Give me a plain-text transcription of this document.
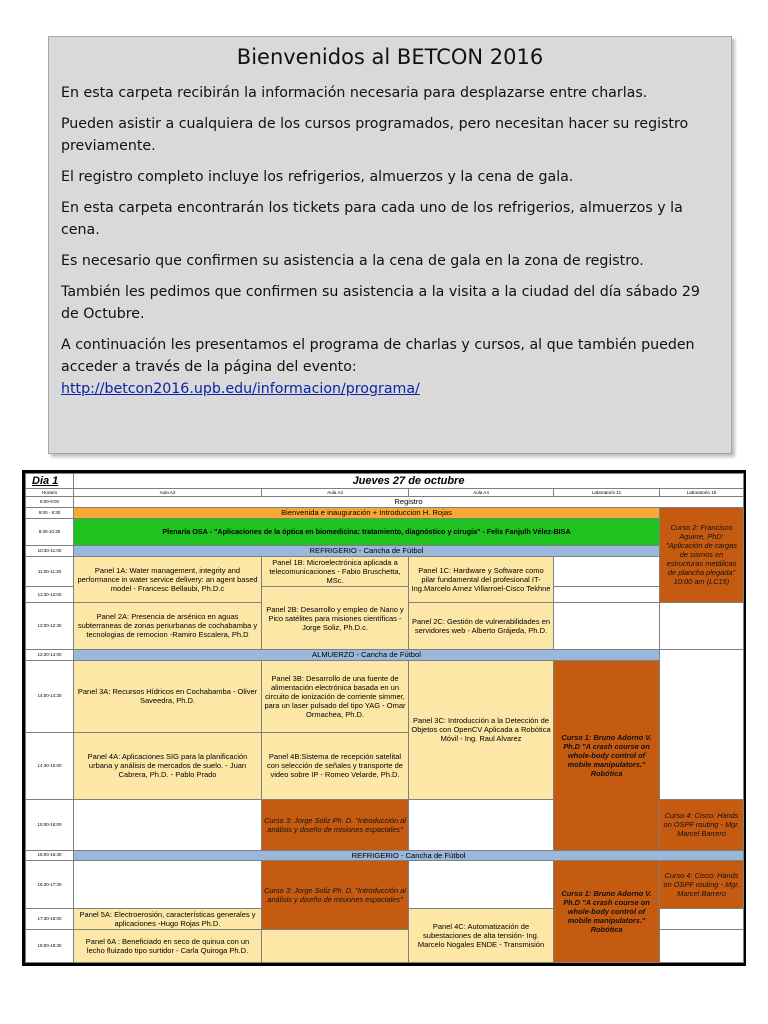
Bienvenidos al BETCON 2016

En esta carpeta recibirán la información necesaria para desplazarse entre charlas.

Pueden asistir a cualquiera de los cursos programados, pero necesitan hacer su registro previamente.

El registro completo incluye los refrigerios, almuerzos y la cena de gala.

En esta carpeta encontrarán los tickets para cada uno de los refrigerios, almuerzos y la cena.

Es necesario que confirmen su asistencia a la cena de gala en la zona de registro.

También les pedimos que confirmen su asistencia a la visita a la ciudad del día sábado 29 de Octubre.

A continuación les presentamos el programa de charlas y cursos, al que también pueden acceder a través de la página del evento:
http://betcon2016.upb.edu/informacion/programa/

Dia 1	Jueves 27 de octubre					
Horario	Aula A2	Aula A3	Aula A4	Laboratorio 11	Laboratorio 15	
8:00-9:00	Registro					
9:00 - 9:30	Bienvenida e inauguración + Introduccion H. Rojas				Curso 2: Francisco Aguirre, PhD: "Aplicación de cargas de sismos en estructuras metálicas de plancha plegada" 10:00 am (LC15)	
9:30-10:30	Plenaria OSA - "Aplicaciones de la óptica en biomedicina: tratamiento, diagnóstico y cirugía" - Felix Fanjulh Vélez-BISA					
10:30-11:00	REFRIGERIO - Cancha de Fútbol					
11:00-11:30	Panel 1A: Water management, integrity and performance in water service delivery: an agent based model - Francesc Bellaubi, Ph.D.c	Panel 1B: Microelectrónica aplicada a telecomunicaciones - Fabio Bruschetta, MSc.	Panel 1C: Hardware y Software como pilar fundamental del profesional IT- Ing.Marcelo Arnez Villarroel-Cisco Tekhne			
11:30-12:00		Panel 2B: Desarrollo y empleo de Nano y Pico satélites para misiones científicas - Jorge Soliz, Ph.D.c.				
12:00-12:30	Panel 2A: Presencia de arsénico en aguas subterraneas de zonas periurbanas de cochabamba y tecnologias de remocion -Ramiro Escalera, Ph.D		Panel 2C: Gestión de vulnerabilidades en servidores web - Alberto Grájeda, Ph.D.			
12:30-14:00	ALMUERZO - Cancha de Fútbol					
14:00-14:30	Panel 3A: Recursos Hídricos en Cochabamba - Oliver Saveedra, Ph.D.	Panel 3B: Desarrollo de una fuente de alimentación electrónica basada en un circuito de ionización de corriente simmer, para un laser pulsado del tipo YAG - Omar Ormachea, Ph.D.	Panel 3C: Introducción a la Detección de Objetos con OpenCV Aplicada a Robótica Móvil - Ing. Raul Alvarez	Curso 1: Bruno Adorno V. Ph.D "A crash course on whole-body control of mobile manipulators." Robótica		
14:30-15:00	Panel 4A: Aplicaciones SIG para la planificación urbana y análisis de mercados de suelo. - Juan Cabrera, Ph.D. - Pablo Prado	Panel 4B:Sistema de recepción satelital con selección de señales y transporte de video sobre IP - Romeo Velarde, Ph.D.				
15:00-16:00		Curso 3: Jorge Soliz Ph. D. "Introducción al análisis y diseño de misiones espaciales"			Curso 4: Cisco: Hands on OSPF routing - Mgr. Marcel Barrero	
16:00-16:30	REFRIGERIO - Cancha de Fútbol					
16:30-17:30		Curso 3: Jorge Soliz Ph. D. "Introducción al análisis y diseño de misiones espaciales"		Curso 1: Bruno Adorno V. Ph.D "A crash course on whole-body control of mobile manipulators." Robótica	Curso 4: Cisco: Hands on OSPF routing - Mgr. Marcel Barrero	
17:30-18:00	Panel 5A: Electroerosión, características generales y aplicaciones -Hugo Rojas Ph.D.		Panel 4C: Automatización de subestaciones de alta tensión- Ing. Marcelo Nogales ENDE - Transmisión			
18:00-18:30	Panel 6A : Beneficiado en seco de quinua con un lecho fluizado tipo surtidor - Carla Quiroga Ph.D.					
